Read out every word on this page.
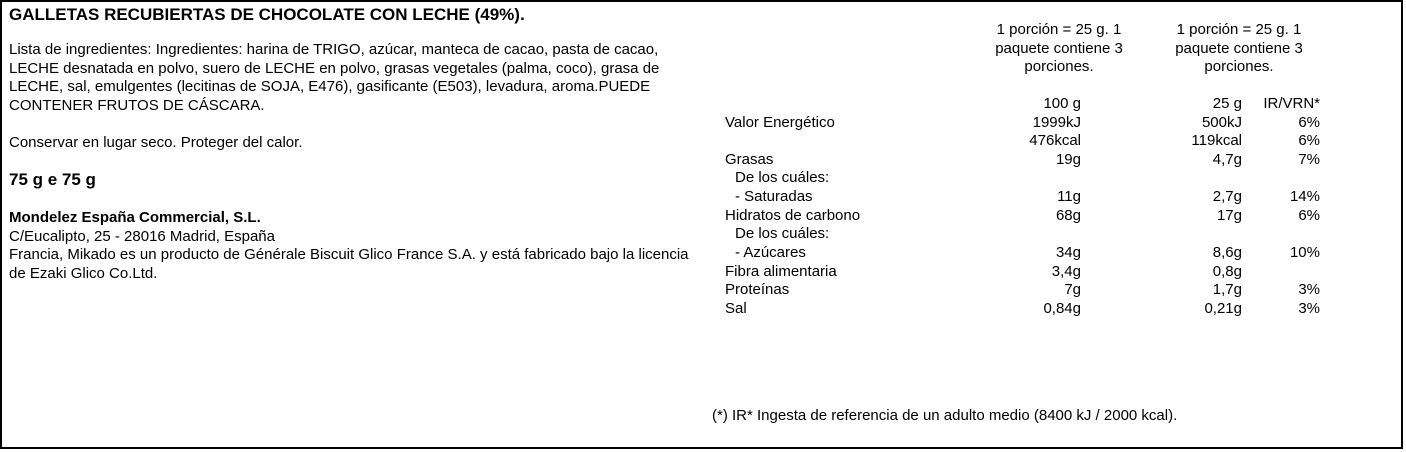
GALLETAS RECUBIERTAS DE CHOCOLATE CON LECHE (49%).

Lista de ingredientes: Ingredientes: harina de TRIGO, azúcar, manteca de cacao, pasta de cacao, LECHE desnatada en polvo, suero de LECHE en polvo, grasas vegetales (palma, coco), grasa de LECHE, sal, emulgentes (lecitinas de SOJA, E476), gasificante (E503), levadura, aroma.PUEDE CONTENER FRUTOS DE CÁSCARA.

Conservar en lugar seco. Proteger del calor.

75 g e 75 g

Mondelez España Commercial, S.L.

C/Eucalipto, 25 - 28016 Madrid, España

Francia, Mikado es un producto de Générale Biscuit Glico France S.A. y está fabricado bajo la licencia de Ezaki Glico Co.Ltd.

1 porción = 25 g. 1 paquete contiene 3 porciones.
1 porción = 25 g. 1 paquete contiene 3 porciones.
100 g	25 g IR/VRN*
Valor Energético	1999kJ	500kJ	6%
476kcal	119kcal	6%
Grasas	19g	4,7g	7%
De los cuáles:
- Saturadas	11g	2,7g	14%
Hidratos de carbono	68g	17g	6%
De los cuáles:
- Azúcares	34g	8,6g	10%
Fibra alimentaria	3,4g	0,8g
Proteínas	7g	1,7g	3%
Sal	0,84g	0,21g	3%
(*) IR* Ingesta de referencia de un adulto medio (8400 kJ / 2000 kcal).
